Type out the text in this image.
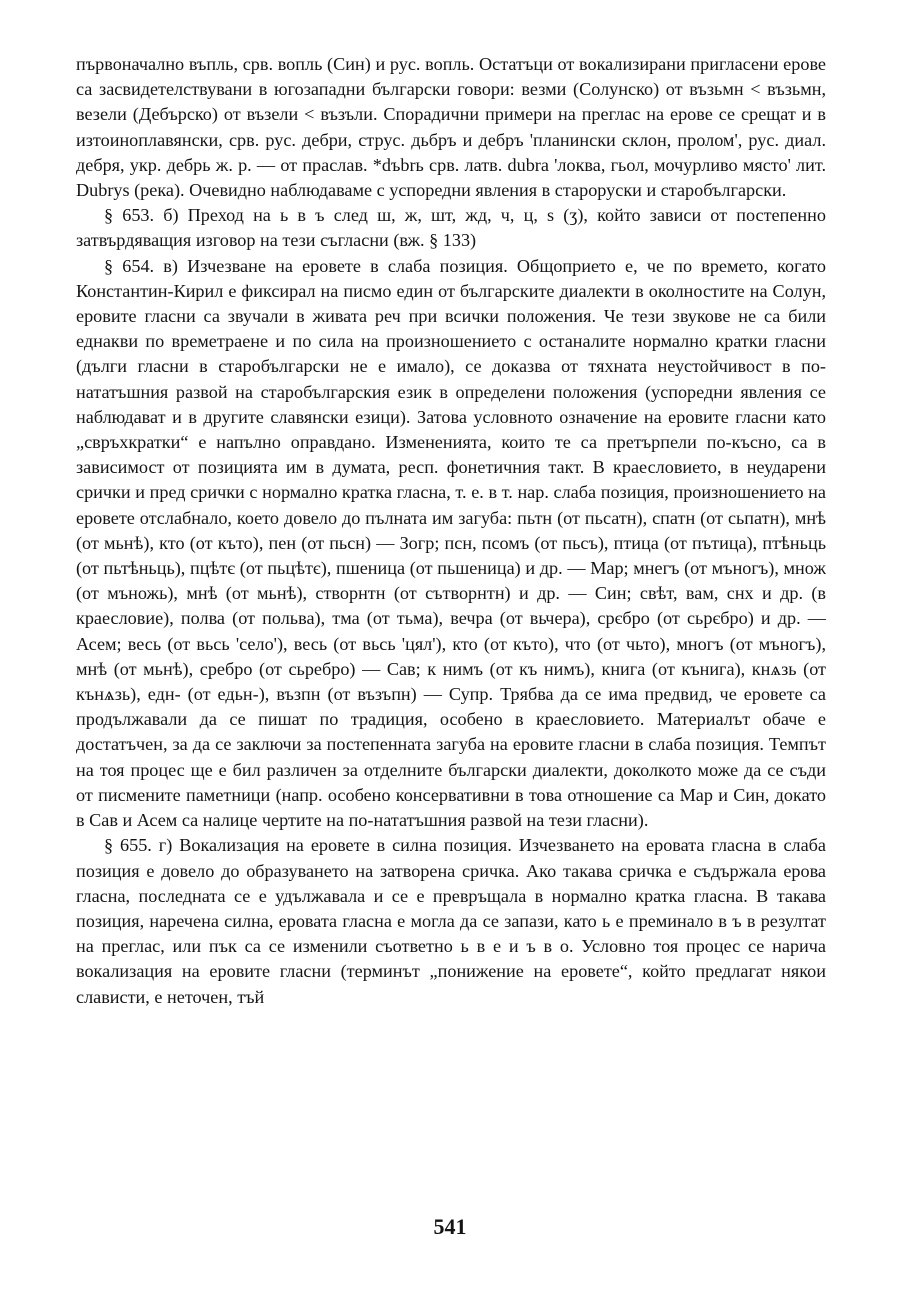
първоначално въпль, срв. вопль (Син) и рус. вопль. Остатъци от вокализирани пригласени ерове са засвидетелствувани в югозападни български говори: везми (Солунско) от възьмн < възьмн, везели (Дебърско) от възели < възъли. Спорадични примери на преглас на ерове се срещат и в изтоиноплавянски, срв. рус. дебри, струс. дьбръ и дебръ 'планински склон, пролом', рус. диал. дебря, укр. дебрь ж. р. — от праслав. *dъbrь срв. латв. dubra 'локва, гьол, мочурливо място' лит. Dubrys (река). Очевидно наблюдаваме с успоредни явления в староруски и старобългарски.

§ 653. б) Преход на ь в ъ след ш, ж, шт, жд, ч, ц, s (ʒ), който зависи от постепенно затвърдяващия изговор на тези съгласни (вж. § 133)

§ 654. в) Изчезване на еровете в слаба позиция. Общоприето е, че по времето, когато Константин-Кирил е фиксирал на писмо един от българските диалекти в околностите на Солун, еровите гласни са звучали в живата реч при всички положения. Че тези звукове не са били еднакви по времетраене и по сила на произношението с останалите нормално кратки гласни (дълги гласни в старобългарски не е имало), се доказва от тяхната неустойчивост в по-нататъшния развой на старобългарския език в определени положения (успоредни явления се наблюдават и в другите славянски езици). Затова условното означение на еровите гласни като „свръхкратки“ е напълно оправдано. Измененията, които те са претърпели по-късно, са в зависимост от позицията им в думата, респ. фонетичния такт. В краесловието, в неударени срички и пред срички с нормално кратка гласна, т. е. в т. нар. слаба позиция, произношението на еровете отслабнало, което довело до пълната им загуба: пьтн (от пьсатн), спатн (от сьпатн), мнѣ (от мьнѣ), кто (от къто), пен (от пьсн) — Зогр; псн, псомъ (от пьсъ), птица (от пътица), птѣньць (от пьтѣньць), пцѣтє (от пьцѣтє), пшеница (от пьшеница) и др. — Мар; мнегъ (от мъногъ), множ (от мъножь), мнѣ (от мьнѣ), створнтн (от сътворнтн) и др. — Син; свѣт, вам, снх и др. (в краесловие), полва (от польва), тма (от тьма), вечра (от вьчера), срєбро (от сьрєбро) и др. — Асем; весь (от вьсь 'село'), весь (от вьсь 'цял'), кто (от къто), что (от чьто), многъ (от мъногъ), мнѣ (от мьнѣ), сребро (от сьребро) — Сав; к нимъ (от къ нимъ), книга (от кънига), кнѧзь (от кънѧзь), едн- (от едьн-), възпн (от възъпн) — Супр. Трябва да се има предвид, че еровете са продължавали да се пишат по традиция, особено в краесловието. Материалът обаче е достатъчен, за да се заключи за постепенната загуба на еровите гласни в слаба позиция. Темпът на тоя процес ще е бил различен за отделните български диалекти, доколкото може да се съди от писмените паметници (напр. особено консервативни в това отношение са Мар и Син, докато в Сав и Асем са налице чертите на по-нататъшния развой на тези гласни).

§ 655. г) Вокализация на еровете в силна позиция. Изчезването на еровата гласна в слаба позиция е довело до образуването на затворена сричка. Ако такава сричка е съдържала ерова гласна, последната се е удължавала и се е превръщала в нормално кратка гласна. В такава позиция, наречена силна, еровата гласна е могла да се запази, като ь е преминало в ъ в резултат на преглас, или пък са се изменили съответно ь в е и ъ в о. Условно тоя процес се нарича вокализация на еровите гласни (терминът „понижение на еровете“, който предлагат някои слависти, е неточен, тъй

541
